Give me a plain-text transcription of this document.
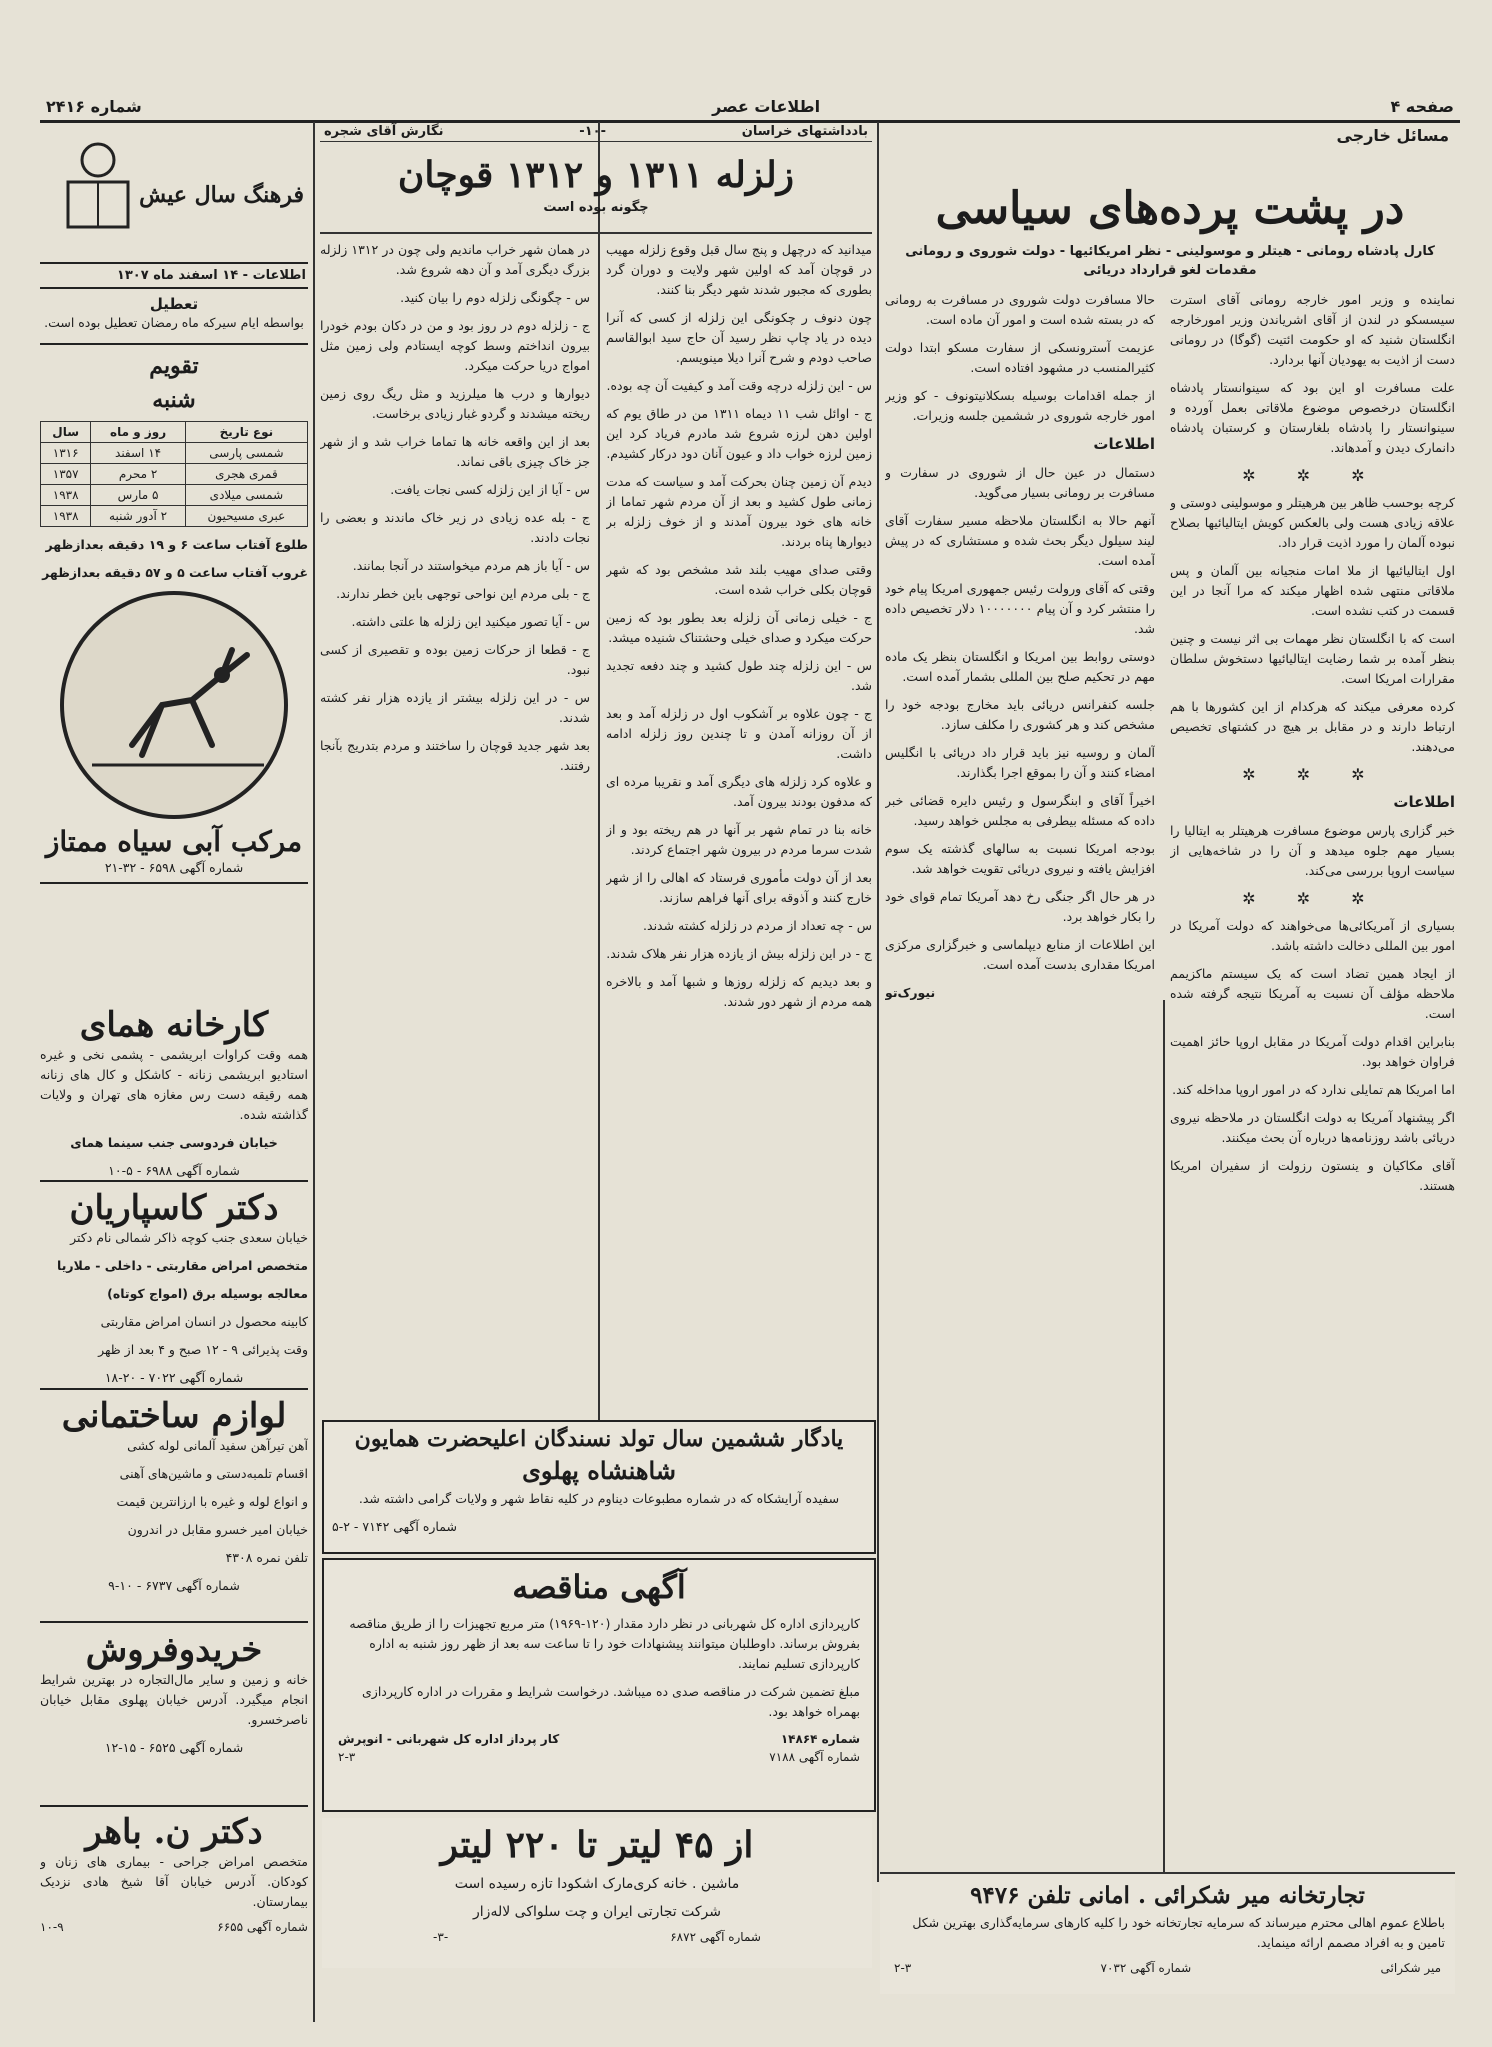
صفحه ۴
اطلاعات عصر
شماره ۲۴۱۶
مسائل خارجی
در پشت پرده‌های سیاسی
کارل پادشاه رومانی - هیتلر و موسولینی - نظر امریکائیها - دولت شوروی و رومانی
مقدمات لغو قرارداد دریائی

نماینده و وزیر امور خارجه رومانی آقای استرت سیسسکو در لندن از آقای اشریاندن وزیر امورخارجه انگلستان شنید که او حکومت ائتیت (گوگا) در رومانی دست از اذیت به یهودیان آنها بردارد.

علت مسافرت او این بود که سینوانستار پادشاه انگلستان درخصوص موضوع ملاقاتی بعمل آورده و سینوانستار را پادشاه بلغارستان و کرستبان پادشاه دانمارک دیدن و آمدهاند.

✲ ✲ ✲

کرچه بوحسب ظاهر بین هرهیتلر و موسولینی دوستی و علاقه زیادی هست ولی بالعکس کویش ایتالیائیها بصلاح نبوده آلمان را مورد اذیت قرار داد.

اول ایتالیائیها از ملا امات منجیانه بین آلمان و پس ملاقاتی منتهی شده اظهار میکند که مرا آنجا در این قسمت در کتب نشده است.

است که با انگلستان نظر مهمات بی اثر نیست و چنین بنظر آمده بر شما رضایت ایتالیائیها دستخوش سلطان مقرارات امریکا است.

کرده معرفی میکند که هرکدام از این کشورها با هم ارتباط دارند و در مقابل بر هیچ در کشتهای تخصیص می‌دهند.

✲ ✲ ✲

اطلاعات

خبر گزاری پارس موضوع مسافرت هرهیتلر به ایتالیا را بسیار مهم جلوه میدهد و آن را در شاخه‌هایی از سیاست اروپا بررسی می‌کند.

✲ ✲ ✲

بسیاری از آمریکائی‌ها می‌خواهند که دولت آمریکا در امور بین المللی دخالت داشته باشد.

از ایجاد همین تضاد است که یک سیستم ماکزیمم ملاحظه مؤلف آن نسبت به آمریکا نتیجه گرفته شده است.

بنابراین اقدام دولت آمریکا در مقابل اروپا حائز اهمیت فراوان خواهد بود.

اما امریکا هم تمایلی ندارد که در امور اروپا مداخله کند.

اگر پیشنهاد آمریکا به دولت انگلستان در ملاحظه نیروی دریائی باشد روزنامه‌ها درباره آن بحث میکنند.

آقای مکاکیان و ینستون رزولت از سفیران امریکا هستند.

حالا مسافرت دولت شوروی در مسافرت به رومانی که در بسته شده است و امور آن ماده است.

عزیمت آسترونسکی از سفارت مسکو ابتدا دولت کثیرالمنسب در مشهود افتاده است.

از جمله اقدامات بوسیله بسکلانیتونوف - کو وزیر امور خارجه شوروی در ششمین جلسه وزیرات.

اطلاعات

دستمال در عین حال از شوروی در سفارت و مسافرت بر رومانی بسیار می‌گوید.

آنهم حالا به انگلستان ملاحظه مسیر سفارت آقای لیند سیلول دیگر بحث شده و مستشاری که در پیش آمده است.

وقتی که آقای ورولت رئیس جمهوری امریکا پیام خود را منتشر کرد و آن پیام ۱۰۰۰۰۰۰۰ دلار تخصیص داده شد.

دوستی روابط بین امریکا و انگلستان بنظر یک ماده مهم در تحکیم صلح بین المللی بشمار آمده است.

جلسه کنفرانس دریائی باید مخارج بودجه خود را مشخص کند و هر کشوری را مکلف سازد.

آلمان و روسیه نیز باید قرار داد دریائی با انگلیس امضاء کنند و آن را بموقع اجرا بگذارند.

اخیراً آقای و ابنگرسول و رئیس دایره قضائی خبر داده که مسئله بیطرفی به مجلس خواهد رسید.

بودجه امریکا نسبت به سالهای گذشته یک سوم افزایش یافته و نیروی دریائی تقویت خواهد شد.

در هر حال اگر جنگی رخ دهد آمریکا تمام قوای خود را بکار خواهد برد.

این اطلاعات از منابع دیپلماسی و خبرگزاری مرکزی امریکا مقداری بدست آمده است.

نیورک‌تو

بادداشتهای خراسان
-۱۰-
نگارش آقای شجره
زلزله ۱۳۱۱ و ۱۳۱۲ قوچان
چگونه بوده است

میدانید که درچهل و پنج سال قبل وقوع زلزله مهیب در قوچان آمد که اولین شهر ولایت و دوران گرد بطوری که مجبور شدند شهر دیگر بنا کنند.

چون دنوف ر چکونگی این زلزله از کسی که آنرا دیده در یاد چاپ نظر رسید آن حاج سید ابوالقاسم صاحب دودم و شرح آنرا دیلا مینویسم.

س - این زلزله درچه وقت آمد و کیفیت آن چه بوده.

ج - اوائل شب ۱۱ دیماه ۱۳۱۱ من در طاق یوم که اولین دهن لرزه شروع شد مادرم فریاد کرد این زمین لرزه خواب داد و عیون آنان دود درکار کشیدم.

دیدم آن زمین چنان بحرکت آمد و سیاست که مدت زمانی طول کشید و بعد از آن مردم شهر تماما از خانه های خود بیرون آمدند و از خوف زلزله بر دیوارها پناه بردند.

وقتی صدای مهیب بلند شد مشخص بود که شهر قوچان بکلی خراب شده است.

ج - خیلی زمانی آن زلزله بعد بطور بود که زمین حرکت میکرد و صدای خیلی وحشتناک شنیده میشد.

س - این زلزله چند طول کشید و چند دفعه تجدید شد.

ج - چون علاوه بر آشکوب اول در زلزله آمد و بعد از آن روزانه آمدن و تا چندین روز زلزله ادامه داشت.

و علاوه کرد زلزله های دیگری آمد و نقریبا مرده ای که مدفون بودند بیرون آمد.

خانه بنا در تمام شهر بر آنها در هم ریخته بود و از شدت سرما مردم در بیرون شهر اجتماع کردند.

بعد از آن دولت مأموری فرستاد که اهالی را از شهر خارج کنند و آذوقه برای آنها فراهم سازند.

س - چه تعداد از مردم در زلزله کشته شدند.

ج - در این زلزله بیش از یازده هزار نفر هلاک شدند.

و بعد دیدیم که زلزله روزها و شبها آمد و بالاخره همه مردم از شهر دور شدند.

در همان شهر خراب ماندیم ولی چون در ۱۳۱۲ زلزله بزرگ دیگری آمد و آن دهه شروع شد.

س - چگونگی زلزله دوم را بیان کنید.

ج - زلزله دوم در روز بود و من در دکان بودم خودرا بیرون انداختم وسط کوچه ایستادم ولی زمین مثل امواج دریا حرکت میکرد.

دیوارها و درب ها میلرزید و مثل ریگ روی زمین ریخته میشدند و گردو غبار زیادی برخاست.

بعد از این واقعه خانه ها تماما خراب شد و از شهر جز خاک چیزی باقی نماند.

س - آیا از این زلزله کسی نجات یافت.

ج - بله عده زیادی در زیر خاک ماندند و بعضی را نجات دادند.

س - آیا باز هم مردم میخواستند در آنجا بمانند.

ج - بلی مردم این نواحی توجهی باین خطر ندارند.

س - آیا تصور میکنید این زلزله ها علتی داشته.

ج - قطعا از حرکات زمین بوده و تقصیری از کسی نبود.

س - در این زلزله بیشتر از یازده هزار نفر کشته شدند.

بعد شهر جدید قوچان را ساختند و مردم بتدریج بآنجا رفتند.

یادگار ششمین سال تولد نسندگان اعلیحضرت همایون
شاهنشاه پهلوی

سفیده آرایشکاه که در شماره مطبوعات دیناوم در کلیه نقاط شهر و ولایات گرامی داشته شد.

شماره آگهی ۷۱۴۲ - ۲-۵

آگهی مناقصه

کارپردازی اداره کل شهربانی در نظر دارد مقدار (۱۲۰-۱۹۶۹) متر مربع تجهیزات را از طریق مناقصه بفروش برساند. داوطلبان میتوانند پیشنهادات خود را تا ساعت سه بعد از ظهر روز شنبه به اداره کارپردازی تسلیم نمایند.

مبلغ تضمین شرکت در مناقصه صدی ده میباشد. درخواست شرایط و مقررات در اداره کارپردازی بهمراه خواهد بود.

شماره ۱۴۸۶۴
کار پرداز اداره کل شهربانی - انوپرش
شماره آگهی ۷۱۸۸
۲-۳
از ۴۵ لیتر تا ۲۲۰ لیتر

ماشین . خانه کری‌مارک اشکودا تازه رسیده است

شرکت تجارتی ایران و چت سلواکی لاله‌زار

شماره آگهی ۶۸۷۲
-۳-
تجارتخانه میر شکرائی . امانی تلفن ۹۴۷۶

باطلاع عموم اهالی محترم میرساند که سرمایه تجارتخانه خود را کلیه کارهای سرمایه‌گذاری بهترین شکل تامین و به افراد مصمم ارائه مینماید.

میر شکرائی
شماره آگهی ۷۰۳۲
۲-۳
فرهنگ سال عیش
اطلاعات - ۱۴ اسفند ماه ۱۳۰۷
تعطیل

بواسطه ایام سیرکه ماه رمضان تعطیل بوده است.

تقویم
شنبه
نوع تاریخ	روز و ماه	سال
شمسی پارسی	۱۴ اسفند	۱۳۱۶
قمری هجری	۲ محرم	۱۳۵۷
شمسی میلادی	۵ مارس	۱۹۳۸
عبری مسیحیون	۲ آدور شنبه	۱۹۳۸

طلوع آفتاب ساعت ۶ و ۱۹ دقیقه بعدازظهر

غروب آفتاب ساعت ۵ و ۵۷ دقیقه بعدازظهر

مرکب آبی سیاه ممتاز

شماره آگهی ۶۵۹۸ - ۳۲-۲۱

کارخانه همای

همه وقت کراوات ابریشمی - پشمی نخی و غیره استادیو ابریشمی زنانه - کاشکل و کال های زنانه همه رقیقه دست رس مغازه های تهران و ولایات گذاشته شده.

خیابان فردوسی جنب سینما همای

شماره آگهی ۶۹۸۸ - ۵-۱۰

دکتر کاسپاریان

خیابان سعدی جنب کوچه ذاکر شمالی نام دکتر

متخصص امراض مقاربتی - داخلی - ملاریا

معالجه بوسیله برق (امواج کوتاه)

کابینه محصول در انسان امراض مقاربتی

وقت پذیرائی ۹ - ۱۲ صبح و ۴ بعد از ظهر

شماره آگهی ۷۰۲۲ - ۲۰-۱۸

لوازم ساختمانی

آهن تیرآهن سفید آلمانی لوله کشی

اقسام تلمبه‌دستی و ماشین‌های آهنی

و انواع لوله و غیره با ارزانترین قیمت

خیابان امیر خسرو مقابل در اندرون

تلفن نمره ۴۳۰۸

شماره آگهی ۶۷۳۷ - ۱۰-۹

خریدوفروش

خانه و زمین و سایر مال‌التجاره در بهترین شرایط انجام میگیرد. آدرس خیابان پهلوی مقابل خیابان ناصرخسرو.

شماره آگهی ۶۵۲۵ - ۱۵-۱۲

دکتر ن. باهر

متخصص امراض جراحی - بیماری های زنان و کودکان. آدرس خیابان آقا شیخ هادی نزدیک بیمارستان.

شماره آگهی ۶۶۵۵
۱۰-۹
